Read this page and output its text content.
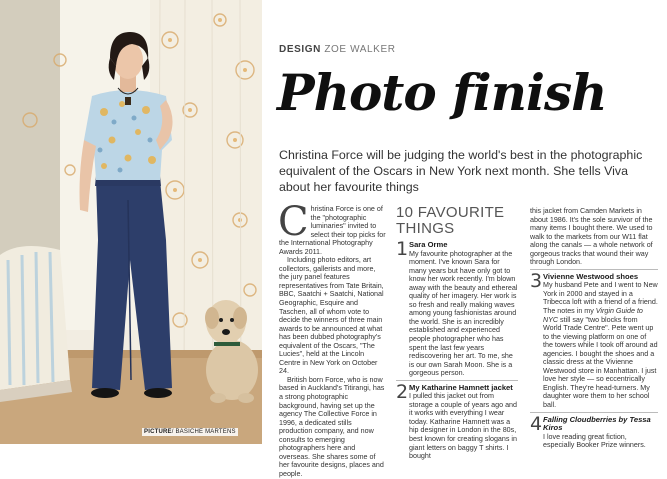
PICTURE/ BASICHE MARTENS
DESIGN ZOE WALKER
Photo finish
Christina Force will be judging the world's best in the photographic equivalent of the Oscars in New York next month. She tells Viva about her favourite things

Christina Force is one of the "photographic luminaries" invited to select their top picks for the International Photography Awards 2011.

Including photo editors, art collectors, gallerists and more, the jury panel features representatives from Tate Britain, BBC, Saatchi + Saatchi, National Geographic, Esquire and Taschen, all of whom vote to decide the winners of three main awards to be announced at what has been dubbed photography's equivalent of the Oscars, "The Lucies", held at the Lincoln Centre in New York on October 24.

British born Force, who is now based in Auckland's Titirangi, has a strong photographic background, having set up the agency The Collective Force in 1996, a dedicated stills production company, and now consults to emerging photographers here and overseas. She shares some of her favourite designs, places and people.

10 FAVOURITE
THINGS
1 Sara Orme
My favourite photographer at the moment. I've known Sara for many years but have only got to know her work recently. I'm blown away with the beauty and ethereal quality of her imagery. Her work is so fresh and really making waves among young fashionistas around the world. She is an incredibly established and experienced people photographer who has spent the last few years rediscovering her art. To me, she is our own Sarah Moon. She is a gorgeous person.
2 My Katharine Hamnett jacket
I pulled this jacket out from storage a couple of years ago and it works with everything I wear today. Katharine Hamnett was a hip designer in London in the 80s, best known for creating slogans in giant letters on baggy T shirts. I bought

this jacket from Camden Markets in about 1986. It's the sole survivor of the many items I bought there. We used to walk to the markets from our W11 flat along the canals — a whole network of gorgeous tracks that wound their way through London.

3 Vivienne Westwood shoes
My husband Pete and I went to New York in 2000 and stayed in a Tribecca loft with a friend of a friend. The notes in my Virgin Guide to NYC still say "two blocks from World Trade Centre". Pete went up to the viewing platform on one of the towers while I took off around ad agencies. I bought the shoes and a classic dress at the Vivienne Westwood store in Manhattan. I just love her style — so eccentrically English. They're head-turners. My daughter wore them to her school ball.
4 Falling Cloudberries by Tessa Kiros
I love reading great fiction, especially Booker Prize winners.
